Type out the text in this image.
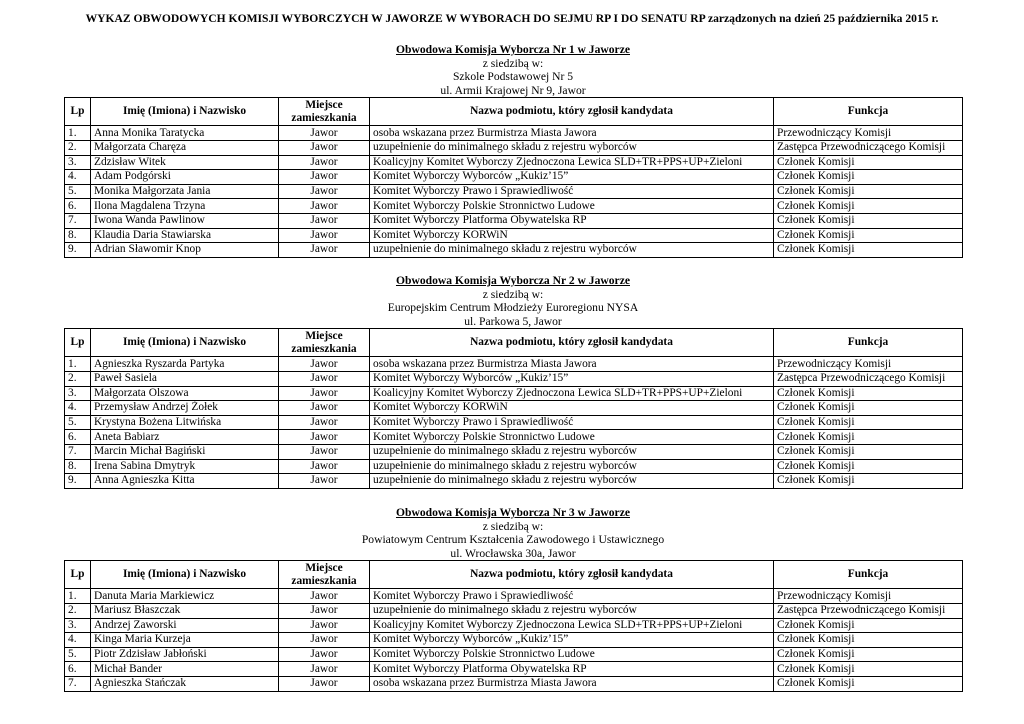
WYKAZ OBWODOWYCH KOMISJI WYBORCZYCH W JAWORZE W WYBORACH DO SEJMU RP I DO SENATU RP zarządzonych na dzień 25 października 2015 r.
Obwodowa Komisja Wyborcza Nr 1 w Jaworze
z siedzibą w:
Szkole Podstawowej Nr 5
ul. Armii Krajowej Nr 9, Jawor
Lp	Imię (Imiona) i Nazwisko	Miejsce zamieszkania	Nazwa podmiotu, który zgłosił kandydata	Funkcja
1.	Anna Monika Taratycka	Jawor	osoba wskazana przez Burmistrza Miasta Jawora	Przewodniczący Komisji
2.	Małgorzata Charęza	Jawor	uzupełnienie do minimalnego składu z rejestru wyborców	Zastępca Przewodniczącego Komisji
3.	Zdzisław Witek	Jawor	Koalicyjny Komitet Wyborczy Zjednoczona Lewica SLD+TR+PPS+UP+Zieloni	Członek Komisji
4.	Adam Podgórski	Jawor	Komitet Wyborczy Wyborców „Kukiz’15”	Członek Komisji
5.	Monika Małgorzata Jania	Jawor	Komitet Wyborczy Prawo i Sprawiedliwość	Członek Komisji
6.	Ilona Magdalena Trzyna	Jawor	Komitet Wyborczy Polskie Stronnictwo Ludowe	Członek Komisji
7.	Iwona Wanda Pawlinow	Jawor	Komitet Wyborczy Platforma Obywatelska RP	Członek Komisji
8.	Klaudia Daria Stawiarska	Jawor	Komitet Wyborczy KORWiN	Członek Komisji
9.	Adrian Sławomir Knop	Jawor	uzupełnienie do minimalnego składu z rejestru wyborców	Członek Komisji
Obwodowa Komisja Wyborcza Nr 2 w Jaworze
z siedzibą w:
Europejskim Centrum Młodzieży Euroregionu NYSA
ul. Parkowa 5, Jawor
Lp	Imię (Imiona) i Nazwisko	Miejsce zamieszkania	Nazwa podmiotu, który zgłosił kandydata	Funkcja
1.	Agnieszka Ryszarda Partyka	Jawor	osoba wskazana przez Burmistrza Miasta Jawora	Przewodniczący Komisji
2.	Paweł Sasiela	Jawor	Komitet Wyborczy Wyborców „Kukiz’15”	Zastępca Przewodniczącego Komisji
3.	Małgorzata Olszowa	Jawor	Koalicyjny Komitet Wyborczy Zjednoczona Lewica SLD+TR+PPS+UP+Zieloni	Członek Komisji
4.	Przemysław Andrzej Żołek	Jawor	Komitet Wyborczy KORWiN	Członek Komisji
5.	Krystyna Bożena Litwińska	Jawor	Komitet Wyborczy Prawo i Sprawiedliwość	Członek Komisji
6.	Aneta Babiarz	Jawor	Komitet Wyborczy Polskie Stronnictwo Ludowe	Członek Komisji
7.	Marcin Michał Bagiński	Jawor	uzupełnienie do minimalnego składu z rejestru wyborców	Członek Komisji
8.	Irena Sabina Dmytryk	Jawor	uzupełnienie do minimalnego składu z rejestru wyborców	Członek Komisji
9.	Anna Agnieszka Kitta	Jawor	uzupełnienie do minimalnego składu z rejestru wyborców	Członek Komisji
Obwodowa Komisja Wyborcza Nr 3 w Jaworze
z siedzibą w:
Powiatowym Centrum Kształcenia Zawodowego i Ustawicznego
ul. Wrocławska 30a, Jawor
Lp	Imię (Imiona) i Nazwisko	Miejsce zamieszkania	Nazwa podmiotu, który zgłosił kandydata	Funkcja
1.	Danuta Maria Markiewicz	Jawor	Komitet Wyborczy Prawo i Sprawiedliwość	Przewodniczący Komisji
2.	Mariusz Błaszczak	Jawor	uzupełnienie do minimalnego składu z rejestru wyborców	Zastępca Przewodniczącego Komisji
3.	Andrzej Zaworski	Jawor	Koalicyjny Komitet Wyborczy Zjednoczona Lewica SLD+TR+PPS+UP+Zieloni	Członek Komisji
4.	Kinga Maria Kurzeja	Jawor	Komitet Wyborczy Wyborców „Kukiz’15”	Członek Komisji
5.	Piotr Zdzisław Jabłoński	Jawor	Komitet Wyborczy Polskie Stronnictwo Ludowe	Członek Komisji
6.	Michał Bander	Jawor	Komitet Wyborczy Platforma Obywatelska RP	Członek Komisji
7.	Agnieszka Stańczak	Jawor	osoba wskazana przez Burmistrza Miasta Jawora	Członek Komisji
